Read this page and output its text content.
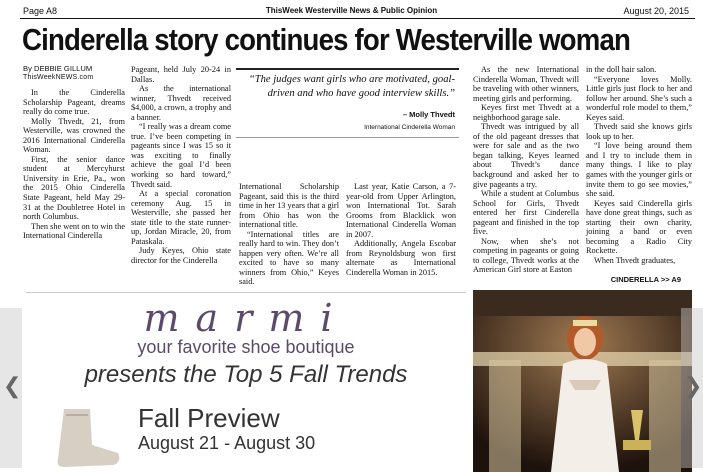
Page A8	ThisWeek Westerville News & Public Opinion	August 20, 2015
Cinderella story continues for Westerville woman
By DEBBIE GILLUM
ThisWeekNEWS.com

In the Cinderella Scholarship Pageant, dreams really do come true.

Molly Thvedt, 21, from Westerville, was crowned the 2016 International Cinderella Woman.

First, the senior dance student at Mercyhurst University in Erie, Pa., won the 2015 Ohio Cinderella State Pageant, held May 29-31 at the Doubletree Hotel in north Columbus.

Then she went on to win the International Cinderella

Pageant, held July 20-24 in Dallas.

As the international winner, Thvedt received $4,000, a crown, a trophy and a banner.

“I really was a dream come true. I’ve been competing in pageants since I was 15 so it was exciting to finally achieve the goal I’d been working so hard toward,” Thvedt said.

At a special coronation ceremony Aug. 15 in Westerville, she passed her state title to the state runner-up, Jordan Miracle, 20, from Pataskala.

Judy Keyes, Ohio state director for the Cinderella

“The judges want girls who are motivated, goal-driven and who have good interview skills.”
– Molly Thvedt
International Cinderella Woman

International Scholarship Pageant, said this is the third time in her 13 years that a girl from Ohio has won the international title.

“International titles are really hard to win. They don’t happen very often. We’re all excited to have so many winners from Ohio,” Keyes said.

Last year, Katie Carson, a 7-year-old from Upper Arlington, won International Tot. Sarah Grooms from Blacklick won International Cinderella Woman in 2007.

Additionally, Angela Escobar from Reynoldsburg won first alternate as International Cinderella Woman in 2015.

As the new International Cinderella Woman, Thvedt will be traveling with other winners, meeting girls and performing.

Keyes first met Thvedt at a neighborhood garage sale.

Thvedt was intrigued by all of the old pageant dresses that were for sale and as the two began talking, Keyes learned about Thvedt’s dance background and asked her to give pageants a try.

While a student at Columbus School for Girls, Thvedt entered her first Cinderella pageant and finished in the top five.

Now, when she’s not competing in pageants or going to college, Thvedt works at the American Girl store at Easton

in the doll hair salon.

“Everyone loves Molly. Little girls just flock to her and follow her around. She’s such a wonderful role model to them,” Keyes said.

Thvedt said she knows girls look up to her.

“I love being around them and I try to include them in many things. I like to play games with the younger girls or invite them to go see movies,” she said.

Keyes said Cinderella girls have done great things, such as starting their own charity, joining a band or even becoming a Radio City Rockette.

When Thvedt graduates,

CINDERELLA >> A9
marmi
your favorite shoe boutique
presents the Top 5 Fall Trends
Fall Preview
August 21 - August 30
❮	❯
